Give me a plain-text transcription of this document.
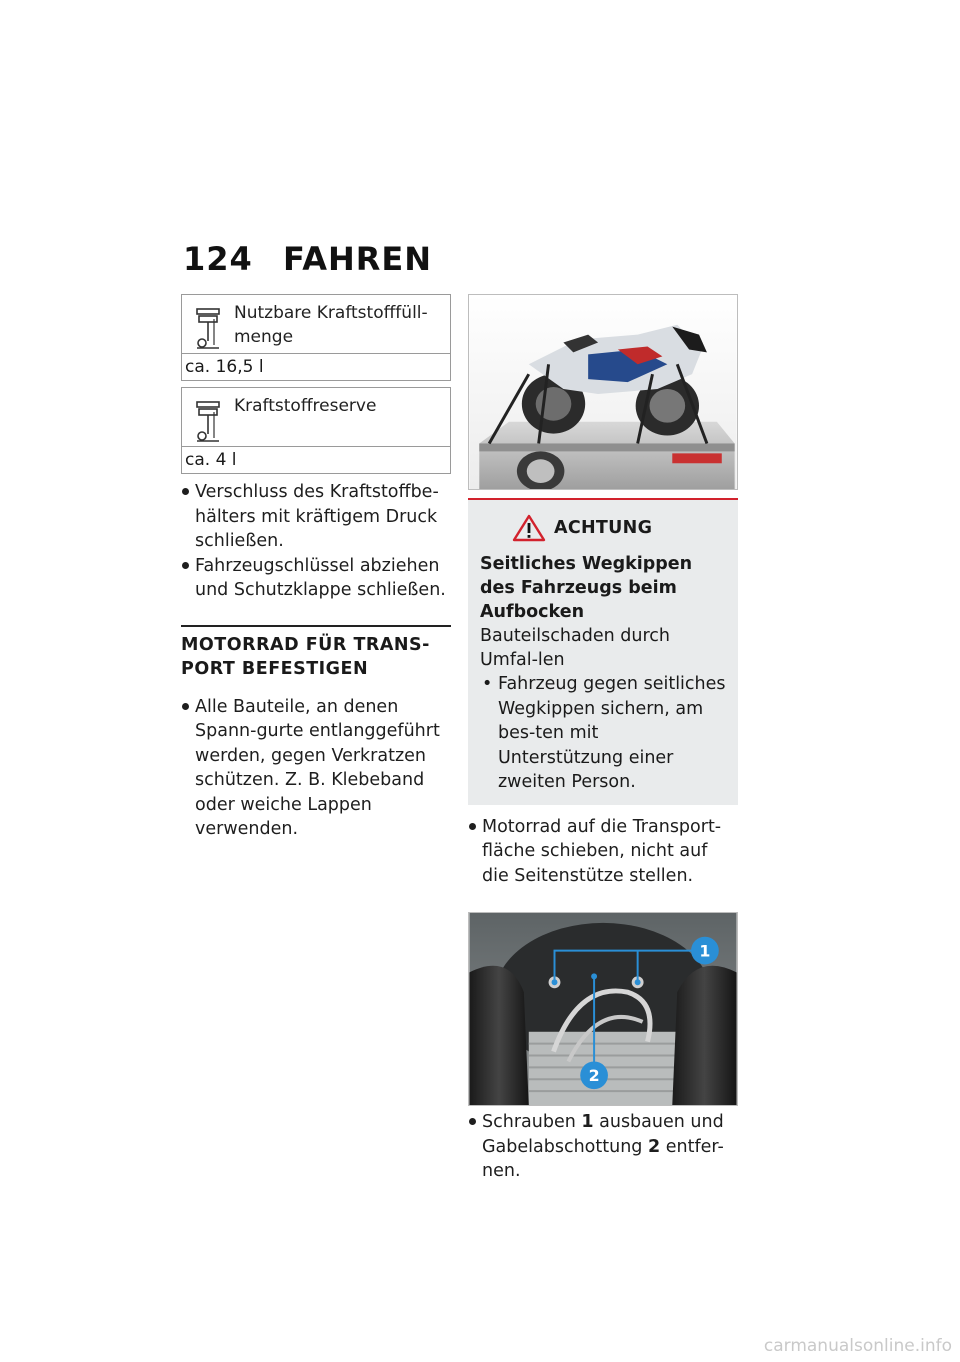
124 FAHREN
Nutzbare Kraftstofffüll-
menge
ca. 16,5 l
Kraftstoffreserve
ca. 4 l
Verschluss des Kraftstoffbe-hälters mit kräftigem Druck schließen.
Fahrzeugschlüssel abziehen und Schutzklappe schließen.
MOTORRAD FÜR TRANS-
PORT BEFESTIGEN
Alle Bauteile, an denen Spann-gurte entlanggeführt werden, gegen Verkratzen schützen. Z. B. Klebeband oder weiche Lappen verwenden.
ACHTUNG
Seitliches Wegkippen des Fahrzeugs beim Aufbocken
Bauteilschaden durch Umfal-len
• Fahrzeug gegen seitliches Wegkippen sichern, am bes-ten mit Unterstützung einer zweiten Person.
Motorrad auf die Transport-fläche schieben, nicht auf die Seitenstütze stellen.
1
2
Schrauben 1 ausbauen und Gabelabschottung 2 entfer-nen.
carmanualsonline.info
